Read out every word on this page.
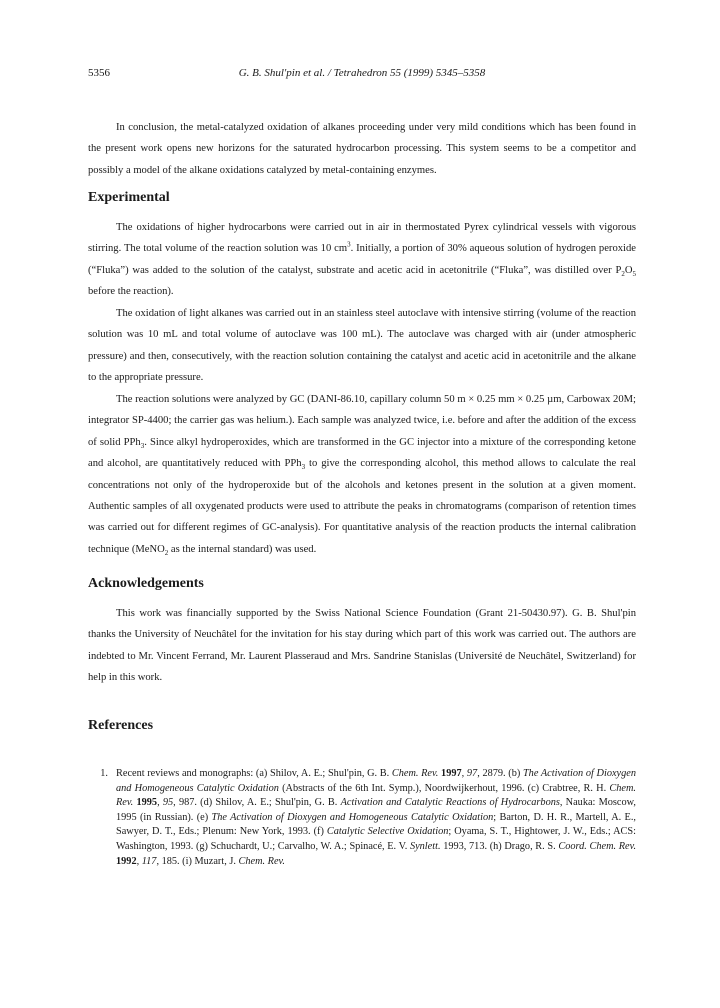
5356	G. B. Shul'pin et al. / Tetrahedron 55 (1999) 5345–5358

In conclusion, the metal-catalyzed oxidation of alkanes proceeding under very mild conditions which has been found in the present work opens new horizons for the saturated hydrocarbon processing. This system seems to be a competitor and possibly a model of the alkane oxidations catalyzed by metal-containing enzymes.

Experimental

The oxidations of higher hydrocarbons were carried out in air in thermostated Pyrex cylindrical vessels with vigorous stirring. The total volume of the reaction solution was 10 $cm^3$. Initially, a portion of 30% aqueous solution of hydrogen peroxide (“Fluka”) was added to the solution of the catalyst, substrate and acetic acid in acetonitrile (“Fluka”, was distilled over $P_2O_5$ before the reaction).

The oxidation of light alkanes was carried out in an stainless steel autoclave with intensive stirring (volume of the reaction solution was 10 mL and total volume of autoclave was 100 mL). The autoclave was charged with air (under atmospheric pressure) and then, consecutively, with the reaction solution containing the catalyst and acetic acid in acetonitrile and the alkane to the appropriate pressure.

The reaction solutions were analyzed by GC (DANI-86.10, capillary column 50 m × 0.25 mm × 0.25 µm, Carbowax 20M; integrator SP-4400; the carrier gas was helium.). Each sample was analyzed twice, i.e. before and after the addition of the excess of solid PPh$_3$. Since alkyl hydroperoxides, which are transformed in the GC injector into a mixture of the corresponding ketone and alcohol, are quantitatively reduced with PPh$_3$ to give the corresponding alcohol, this method allows to calculate the real concentrations not only of the hydroperoxide but of the alcohols and ketones present in the solution at a given moment. Authentic samples of all oxygenated products were used to attribute the peaks in chromatograms (comparison of retention times was carried out for different regimes of GC-analysis). For quantitative analysis of the reaction products the internal calibration technique (MeNO$_2$ as the internal standard) was used.

Acknowledgements

This work was financially supported by the Swiss National Science Foundation (Grant 21-50430.97). G. B. Shul'pin thanks the University of Neuchâtel for the invitation for his stay during which part of this work was carried out. The authors are indebted to Mr. Vincent Ferrand, Mr. Laurent Plasseraud and Mrs. Sandrine Stanislas (Université de Neuchâtel, Switzerland) for help in this work.

References
1. Recent reviews and monographs: (a) Shilov, A. E.; Shul'pin, G. B. Chem. Rev. 1997, 97, 2879. (b) The Activation of Dioxygen and Homogeneous Catalytic Oxidation (Abstracts of the 6th Int. Symp.), Noordwijkerhout, 1996. (c) Crabtree, R. H. Chem. Rev. 1995, 95, 987. (d) Shilov, A. E.; Shul'pin, G. B. Activation and Catalytic Reactions of Hydrocarbons, Nauka: Moscow, 1995 (in Russian). (e) The Activation of Dioxygen and Homogeneous Catalytic Oxidation; Barton, D. H. R., Martell, A. E., Sawyer, D. T., Eds.; Plenum: New York, 1993. (f) Catalytic Selective Oxidation; Oyama, S. T., Hightower, J. W., Eds.; ACS: Washington, 1993. (g) Schuchardt, U.; Carvalho, W. A.; Spinacé, E. V. Synlett. 1993, 713. (h) Drago, R. S. Coord. Chem. Rev. 1992, 117, 185. (i) Muzart, J. Chem. Rev.
